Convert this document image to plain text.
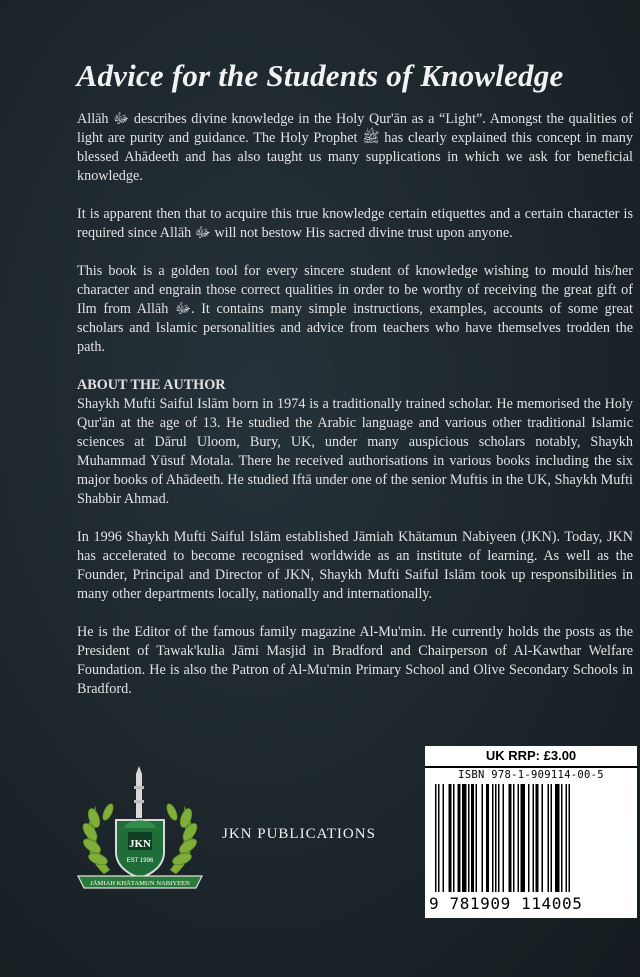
Advice for the Students of Knowledge

Allāh ﷻ describes divine knowledge in the Holy Qur'ān as a “Light”. Amongst the qualities of light are purity and guidance. The Holy Prophet ﷺ has clearly explained this concept in many blessed Ahādeeth and has also taught us many supplications in which we ask for beneficial knowledge.

It is apparent then that to acquire this true knowledge certain etiquettes and a certain character is required since Allāh ﷻ will not bestow His sacred divine trust upon anyone.

This book is a golden tool for every sincere student of knowledge wishing to mould his/her character and engrain those correct qualities in order to be worthy of receiving the great gift of Ilm from Allāh ﷻ. It contains many simple instructions, examples, accounts of some great scholars and Islamic personalities and advice from teachers who have themselves trodden the path.

ABOUT THE AUTHOR

Shaykh Mufti Saiful Islām born in 1974 is a traditionally trained scholar. He memorised the Holy Qur'ān at the age of 13. He studied the Arabic language and various other traditional Islamic sciences at Dārul Uloom, Bury, UK, under many auspicious scholars notably, Shaykh Muhammad Yūsuf Motala. There he received authorisations in various books including the six major books of Ahādeeth. He studied Iftā under one of the senior Muftis in the UK, Shaykh Mufti Shabbir Ahmad.

In 1996 Shaykh Mufti Saiful Islām established Jāmiah Khātamun Nabiyeen (JKN). Today, JKN has accelerated to become recognised worldwide as an institute of learning. As well as the Founder, Principal and Director of JKN, Shaykh Mufti Saiful Islām took up responsibilities in many other departments locally, nationally and internationally.

He is the Editor of the famous family magazine Al-Mu'min. He currently holds the posts as the President of Tawak'kulia Jāmi Masjid in Bradford and Chairperson of Al-Kawthar Welfare Foundation. He is also the Patron of Al-Mu'min Primary School and Olive Secondary Schools in Bradford.

JKN
EST 1996
JĀMIAH KHĀTAMUN NABIYEEN
JKN PUBLICATIONS
UK RRP: £3.00
ISBN 978-1-909114-00-5
9 781909 114005
